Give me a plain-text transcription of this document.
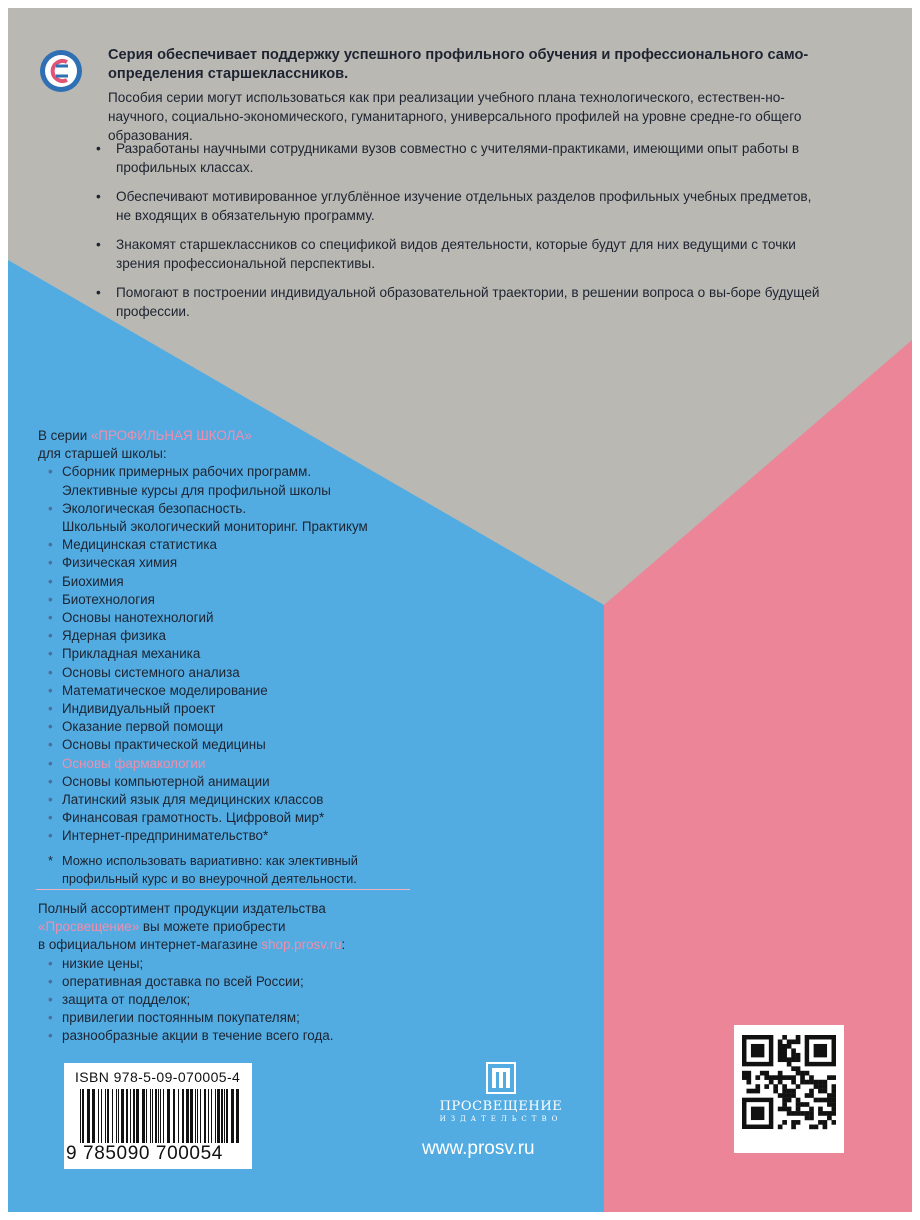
Серия обеспечивает поддержку успешного профильного обучения и профессионального само-определения старшеклассников.

Пособия серии могут использоваться как при реализации учебного плана технологического, естествен-но-научного, социально-экономического, гуманитарного, универсального профилей на уровне средне-го общего образования.

• Разработаны научными сотрудниками вузов совместно с учителями-практиками, имеющими опыт работы в профильных классах.
• Обеспечивают мотивированное углублённое изучение отдельных разделов профильных учебных предметов, не входящих в обязательную программу.
• Знакомят старшеклассников со спецификой видов деятельности, которые будут для них ведущими с точки зрения профессиональной перспективы.
• Помогают в построении индивидуальной образовательной траектории, в решении вопроса о вы-боре будущей профессии.
В серии «ПРОФИЛЬНАЯ ШКОЛА»
для старшей школы:
• Сборник примерных рабочих программ.
Элективные курсы для профильной школы
• Экологическая безопасность.
Школьный экологический мониторинг. Практикум
• Медицинская статистика
• Физическая химия
• Биохимия
• Биотехнология
• Основы нанотехнологий
• Ядерная физика
• Прикладная механика
• Основы системного анализа
• Математическое моделирование
• Индивидуальный проект
• Оказание первой помощи
• Основы практической медицины
• Основы фармакологии
• Основы компьютерной анимации
• Латинский язык для медицинских классов
• Финансовая грамотность. Цифровой мир*
• Интернет-предпринимательство*
* Можно использовать вариативно: как элективный профильный курс и во внеурочной деятельности.
Полный ассортимент продукции издательства
«Просвещение» вы можете приобрести
в официальном интернет-магазине shop.prosv.ru:
• низкие цены;
• оперативная доставка по всей России;
• защита от подделок;
• привилегии постоянным покупателям;
• разнообразные акции в течение всего года.
ISBN 978-5-09-070005-4
9 785090 700054
ПРОСВЕЩЕНИЕ
ИЗДАТЕЛЬСТВО
www.prosv.ru
